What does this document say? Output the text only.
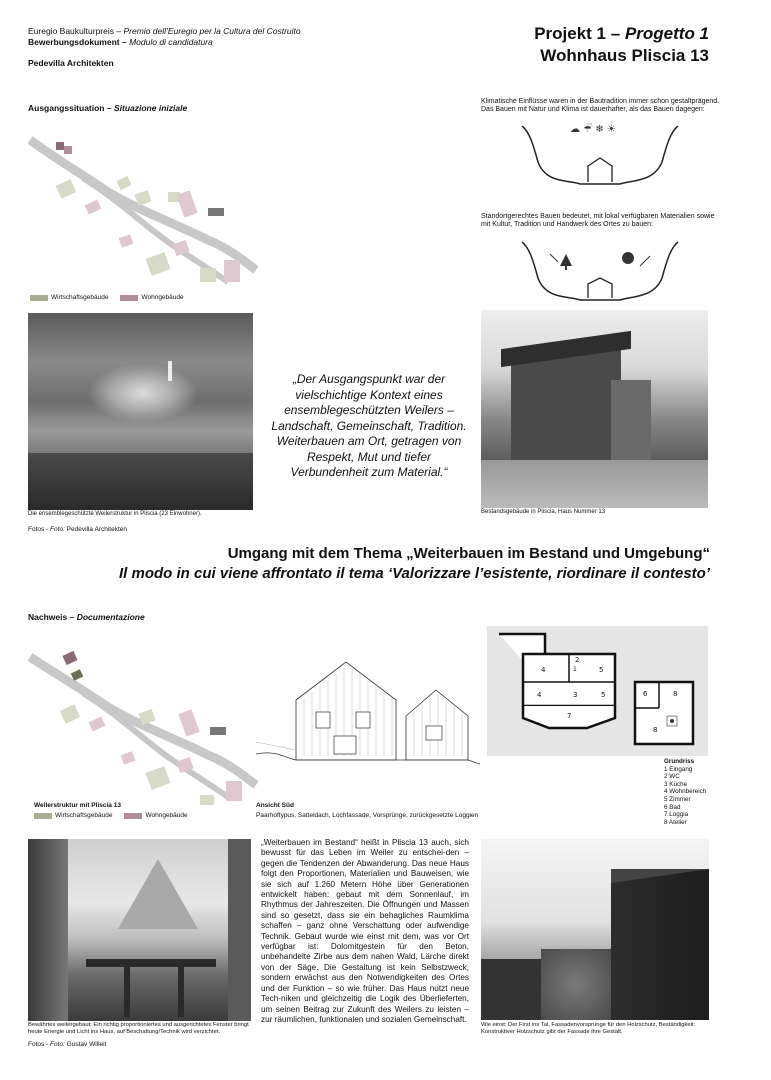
Euregio Baukulturpreis – Premio dell’Euregio per la Cultura del Costruito
Bewerbungsdokument – Modulo di candidatura
Pedevilla Architekten
Projekt 1 – Progetto 1
Wohnhaus Pliscia 13
Ausgangssituation – Situazione iniziale
Wirtschaftsgebäude	Wohngebäude
Klimatische Einflüsse waren in der Bautradition immer schon gestaltprägend. Das Bauen mit Natur und Klima ist dauerhafter, als das Bauen dagegen:
☁ ☔ ❄ ☀
Standortgerechtes Bauen bedeutet, mit lokal verfügbaren Materialien sowie mit Kultur, Tradition und Handwerk des Ortes zu bauen:
Die ensemblegeschützte Weilerstruktur in Pliscia (23 Einwohner).
„Der Ausgangspunkt war der vielschichtige Kontext eines ensemblegeschützten Weilers – Landschaft, Gemeinschaft, Tradition. Weiterbauen am Ort, getragen von Respekt, Mut und tiefer Verbundenheit zum Material.“
Bestandsgebäude in Pliscia, Haus Nummer 13
Fotos - Foto: Pedevilla Architekten
Umgang mit dem Thema „Weiterbauen im Bestand und Umgebung“
Il modo in cui viene affrontato il tema ‘Valorizzare l’esistente, riordinare il contesto’
Nachweis – Documentazione
Weilerstruktur mit Pliscia 13
Wirtschaftsgebäude	Wohngebäude
Ansicht Süd
Paarhoftypus, Satteldach, Lochfassade, Vorsprünge, zurückgesetzte Loggien
4
2
5
4	3	5
7
6	8
8
1
Grundriss
1 Eingang
2 WC
3 Küche
4 Wohnbereich
5 Zimmer
6 Bad
7 Loggia
8 Atelier
Bewährtes weitergebaut: Ein richtig proportioniertes und ausgerichtetes Fenster bringt heute Energie und Licht ins Haus, auf Beschattung/Technik wird verzichtet.
Fotos - Foto: Gustav Willeit
„Weiterbauen im Bestand“ heißt in Pliscia 13 auch, sich bewusst für das Leben im Weiler zu entschei-den – gegen die Tendenzen der Abwanderung. Das neue Haus folgt den Proportionen, Materialien und Bauweisen, wie sie sich auf 1.260 Metern Höhe über Generationen entwickelt haben: gebaut mit dem Sonnenlauf, im Rhythmus der Jahreszeiten. Die Öffnungen und Massen sind so gesetzt, dass sie ein behagliches Raumklima schaffen – ganz ohne Verschattung oder aufwendige Technik. Gebaut wurde wie einst mit dem, was vor Ort verfügbar ist: Dolomitgestein für den Beton, unbehandelte Zirbe aus dem nahen Wald, Lärche direkt von der Säge. Die Gestaltung ist kein Selbstzweck, sondern erwächst aus den Notwendigkeiten des Ortes und der Funktion – so wie früher. Das Haus nutzt neue Tech-niken und gleichzeitig die Logik des Überlieferten, um seinen Beitrag zur Zukunft des Weilers zu leisten – zur räumlichen, funktionalen und sozialen Gemeinschaft.
Wie einst: Der First ins Tal, Fassadenvorsprünge für den Holzschutz, Beständigkeit: Konstruktiver Holzschutz gibt der Fassade ihre Gestalt.
